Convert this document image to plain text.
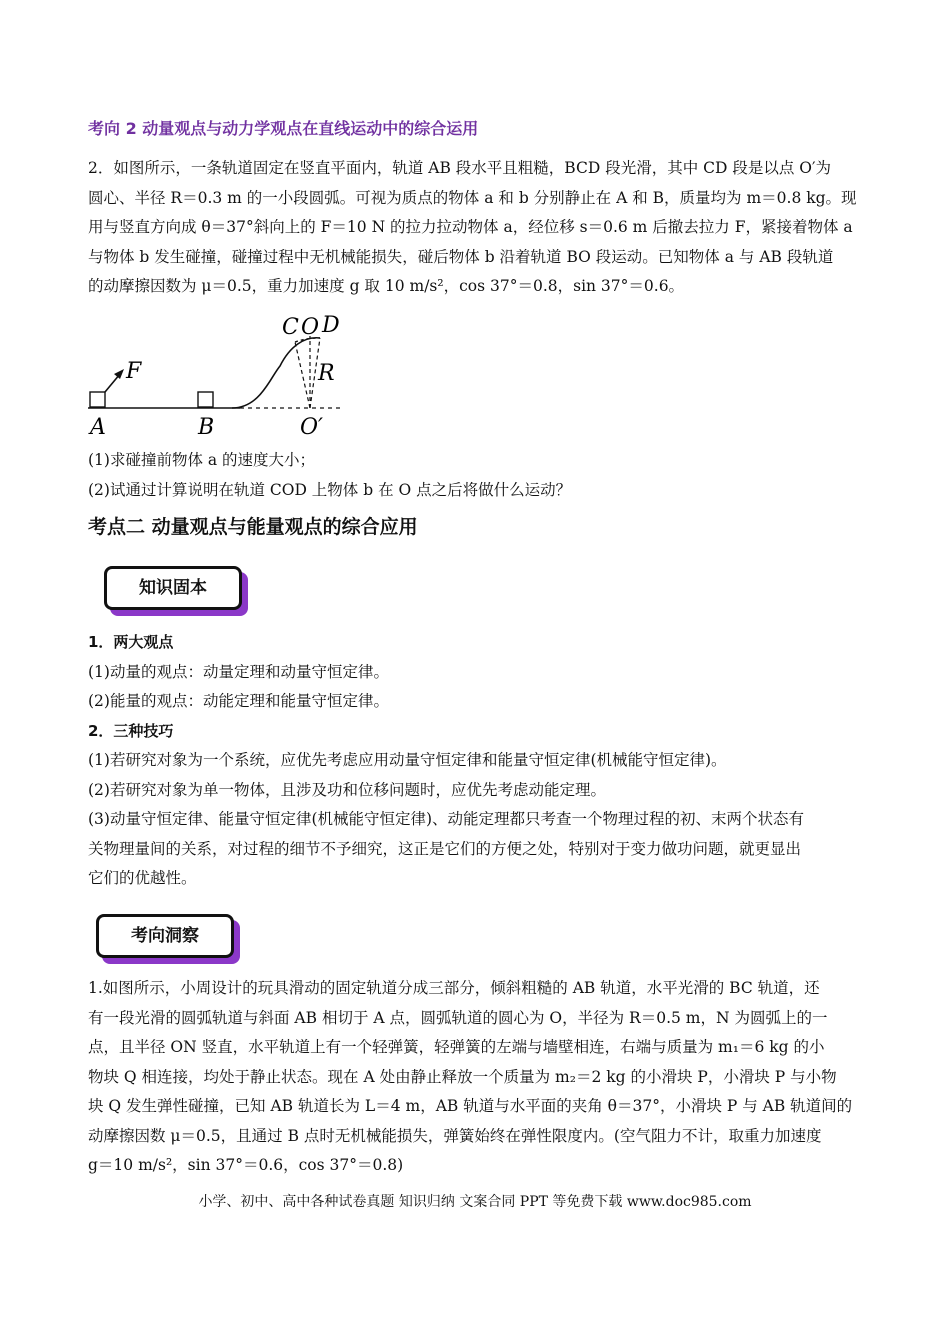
考向 2 动量观点与动力学观点在直线运动中的综合运用

2．如图所示，一条轨道固定在竖直平面内，轨道 AB 段水平且粗糙，BCD 段光滑，其中 CD 段是以点 O′为

圆心、半径 R＝0.3 m 的一小段圆弧。可视为质点的物体 a 和 b 分别静止在 A 和 B，质量均为 m＝0.8 kg。现

用与竖直方向成 θ＝37°斜向上的 F＝10 N 的拉力拉动物体 a，经位移 s＝0.6 m 后撤去拉力 F，紧接着物体 a

与物体 b 发生碰撞，碰撞过程中无机械能损失，碰后物体 b 沿着轨道 BO 段运动。已知物体 a 与 AB 段轨道

的动摩擦因数为 μ＝0.5，重力加速度 g 取 10 m/s²，cos 37°＝0.8，sin 37°＝0.6。

F
A	B	O′
C O D
R

(1)求碰撞前物体 a 的速度大小；

(2)试通过计算说明在轨道 COD 上物体 b 在 O 点之后将做什么运动？

考点二 动量观点与能量观点的综合应用
知识固本

1．两大观点

(1)动量的观点：动量定理和动量守恒定律。

(2)能量的观点：动能定理和能量守恒定律。

2．三种技巧

(1)若研究对象为一个系统，应优先考虑应用动量守恒定律和能量守恒定律(机械能守恒定律)。

(2)若研究对象为单一物体，且涉及功和位移问题时，应优先考虑动能定理。

(3)动量守恒定律、能量守恒定律(机械能守恒定律)、动能定理都只考查一个物理过程的初、末两个状态有

关物理量间的关系，对过程的细节不予细究，这正是它们的方便之处，特别对于变力做功问题，就更显出

它们的优越性。

考向洞察

1.如图所示，小周设计的玩具滑动的固定轨道分成三部分，倾斜粗糙的 AB 轨道，水平光滑的 BC 轨道，还

有一段光滑的圆弧轨道与斜面 AB 相切于 A 点，圆弧轨道的圆心为 O，半径为 R＝0.5 m，N 为圆弧上的一

点，且半径 ON 竖直，水平轨道上有一个轻弹簧，轻弹簧的左端与墙壁相连，右端与质量为 m₁＝6 kg 的小

物块 Q 相连接，均处于静止状态。现在 A 处由静止释放一个质量为 m₂＝2 kg 的小滑块 P，小滑块 P 与小物

块 Q 发生弹性碰撞，已知 AB 轨道长为 L＝4 m，AB 轨道与水平面的夹角 θ＝37°，小滑块 P 与 AB 轨道间的

动摩擦因数 μ＝0.5，且通过 B 点时无机械能损失，弹簧始终在弹性限度内。(空气阻力不计，取重力加速度

g＝10 m/s²，sin 37°＝0.6，cos 37°＝0.8)

小学、初中、高中各种试卷真题 知识归纳 文案合同 PPT 等免费下载 www.doc985.com
